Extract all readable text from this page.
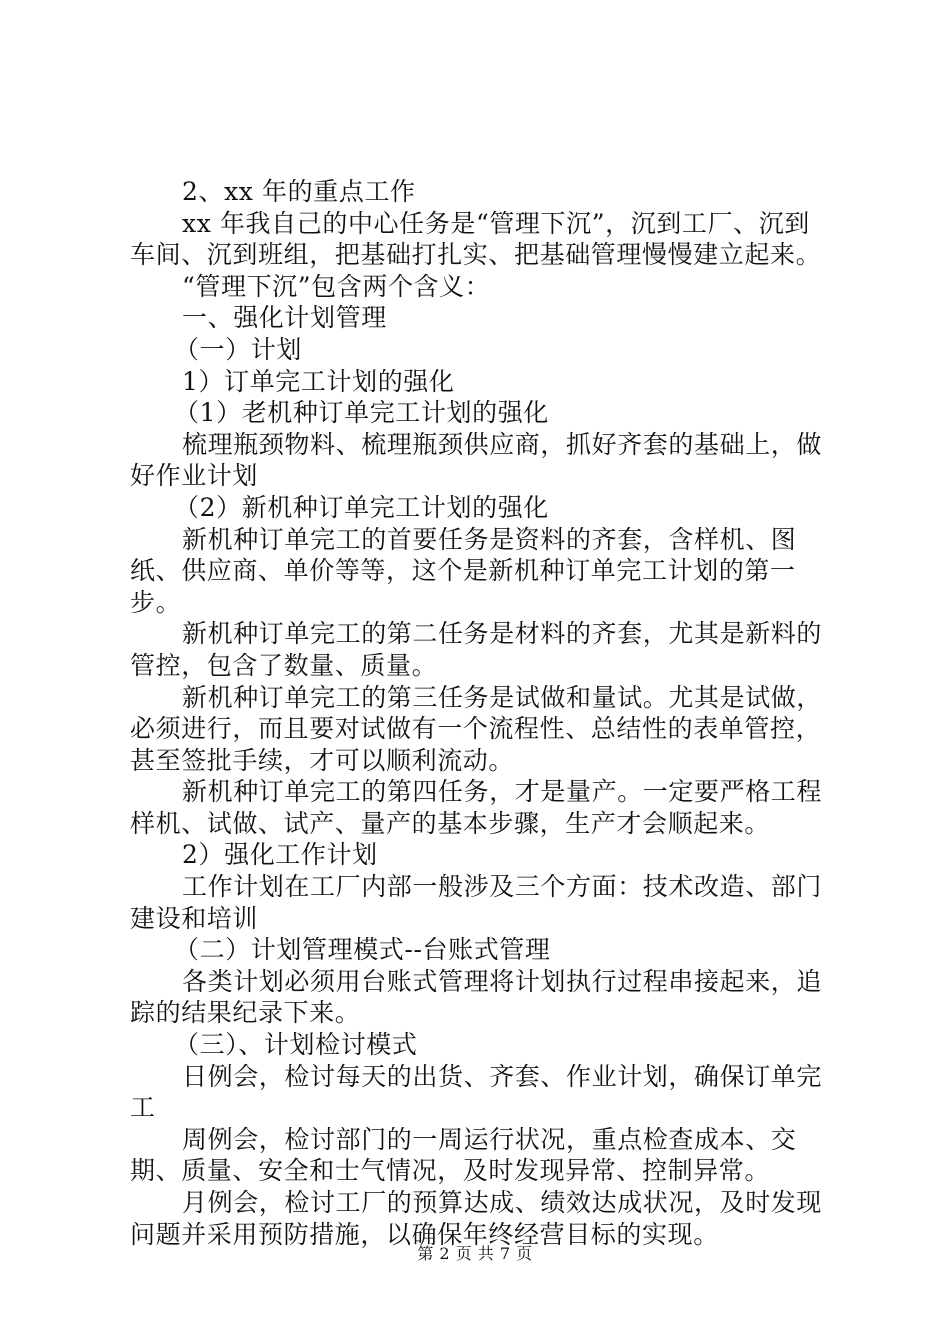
2、xx 年的重点工作

xx 年我自己的中心任务是“管理下沉”，沉到工厂、沉到车间、沉到班组，把基础打扎实、把基础管理慢慢建立起来。

“管理下沉”包含两个含义：

一、强化计划管理

（一）计划

1）订单完工计划的强化

（1）老机种订单完工计划的强化

梳理瓶颈物料、梳理瓶颈供应商，抓好齐套的基础上，做好作业计划

（2）新机种订单完工计划的强化

新机种订单完工的首要任务是资料的齐套，含样机、图纸、供应商、单价等等，这个是新机种订单完工计划的第一步。

新机种订单完工的第二任务是材料的齐套，尤其是新料的管控，包含了数量、质量。

新机种订单完工的第三任务是试做和量试。尤其是试做，必须进行，而且要对试做有一个流程性、总结性的表单管控，甚至签批手续，才可以顺利流动。

新机种订单完工的第四任务，才是量产。一定要严格工程样机、试做、试产、量产的基本步骤，生产才会顺起来。

2）强化工作计划

工作计划在工厂内部一般涉及三个方面：技术改造、部门建设和培训

（二）计划管理模式--台账式管理

各类计划必须用台账式管理将计划执行过程串接起来，追踪的结果纪录下来。

（三）、计划检讨模式

日例会，检讨每天的出货、齐套、作业计划，确保订单完工

周例会，检讨部门的一周运行状况，重点检查成本、交期、质量、安全和士气情况，及时发现异常、控制异常。

月例会，检讨工厂的预算达成、绩效达成状况，及时发现问题并采用预防措施，以确保年终经营目标的实现。

第 2 页 共 7 页
